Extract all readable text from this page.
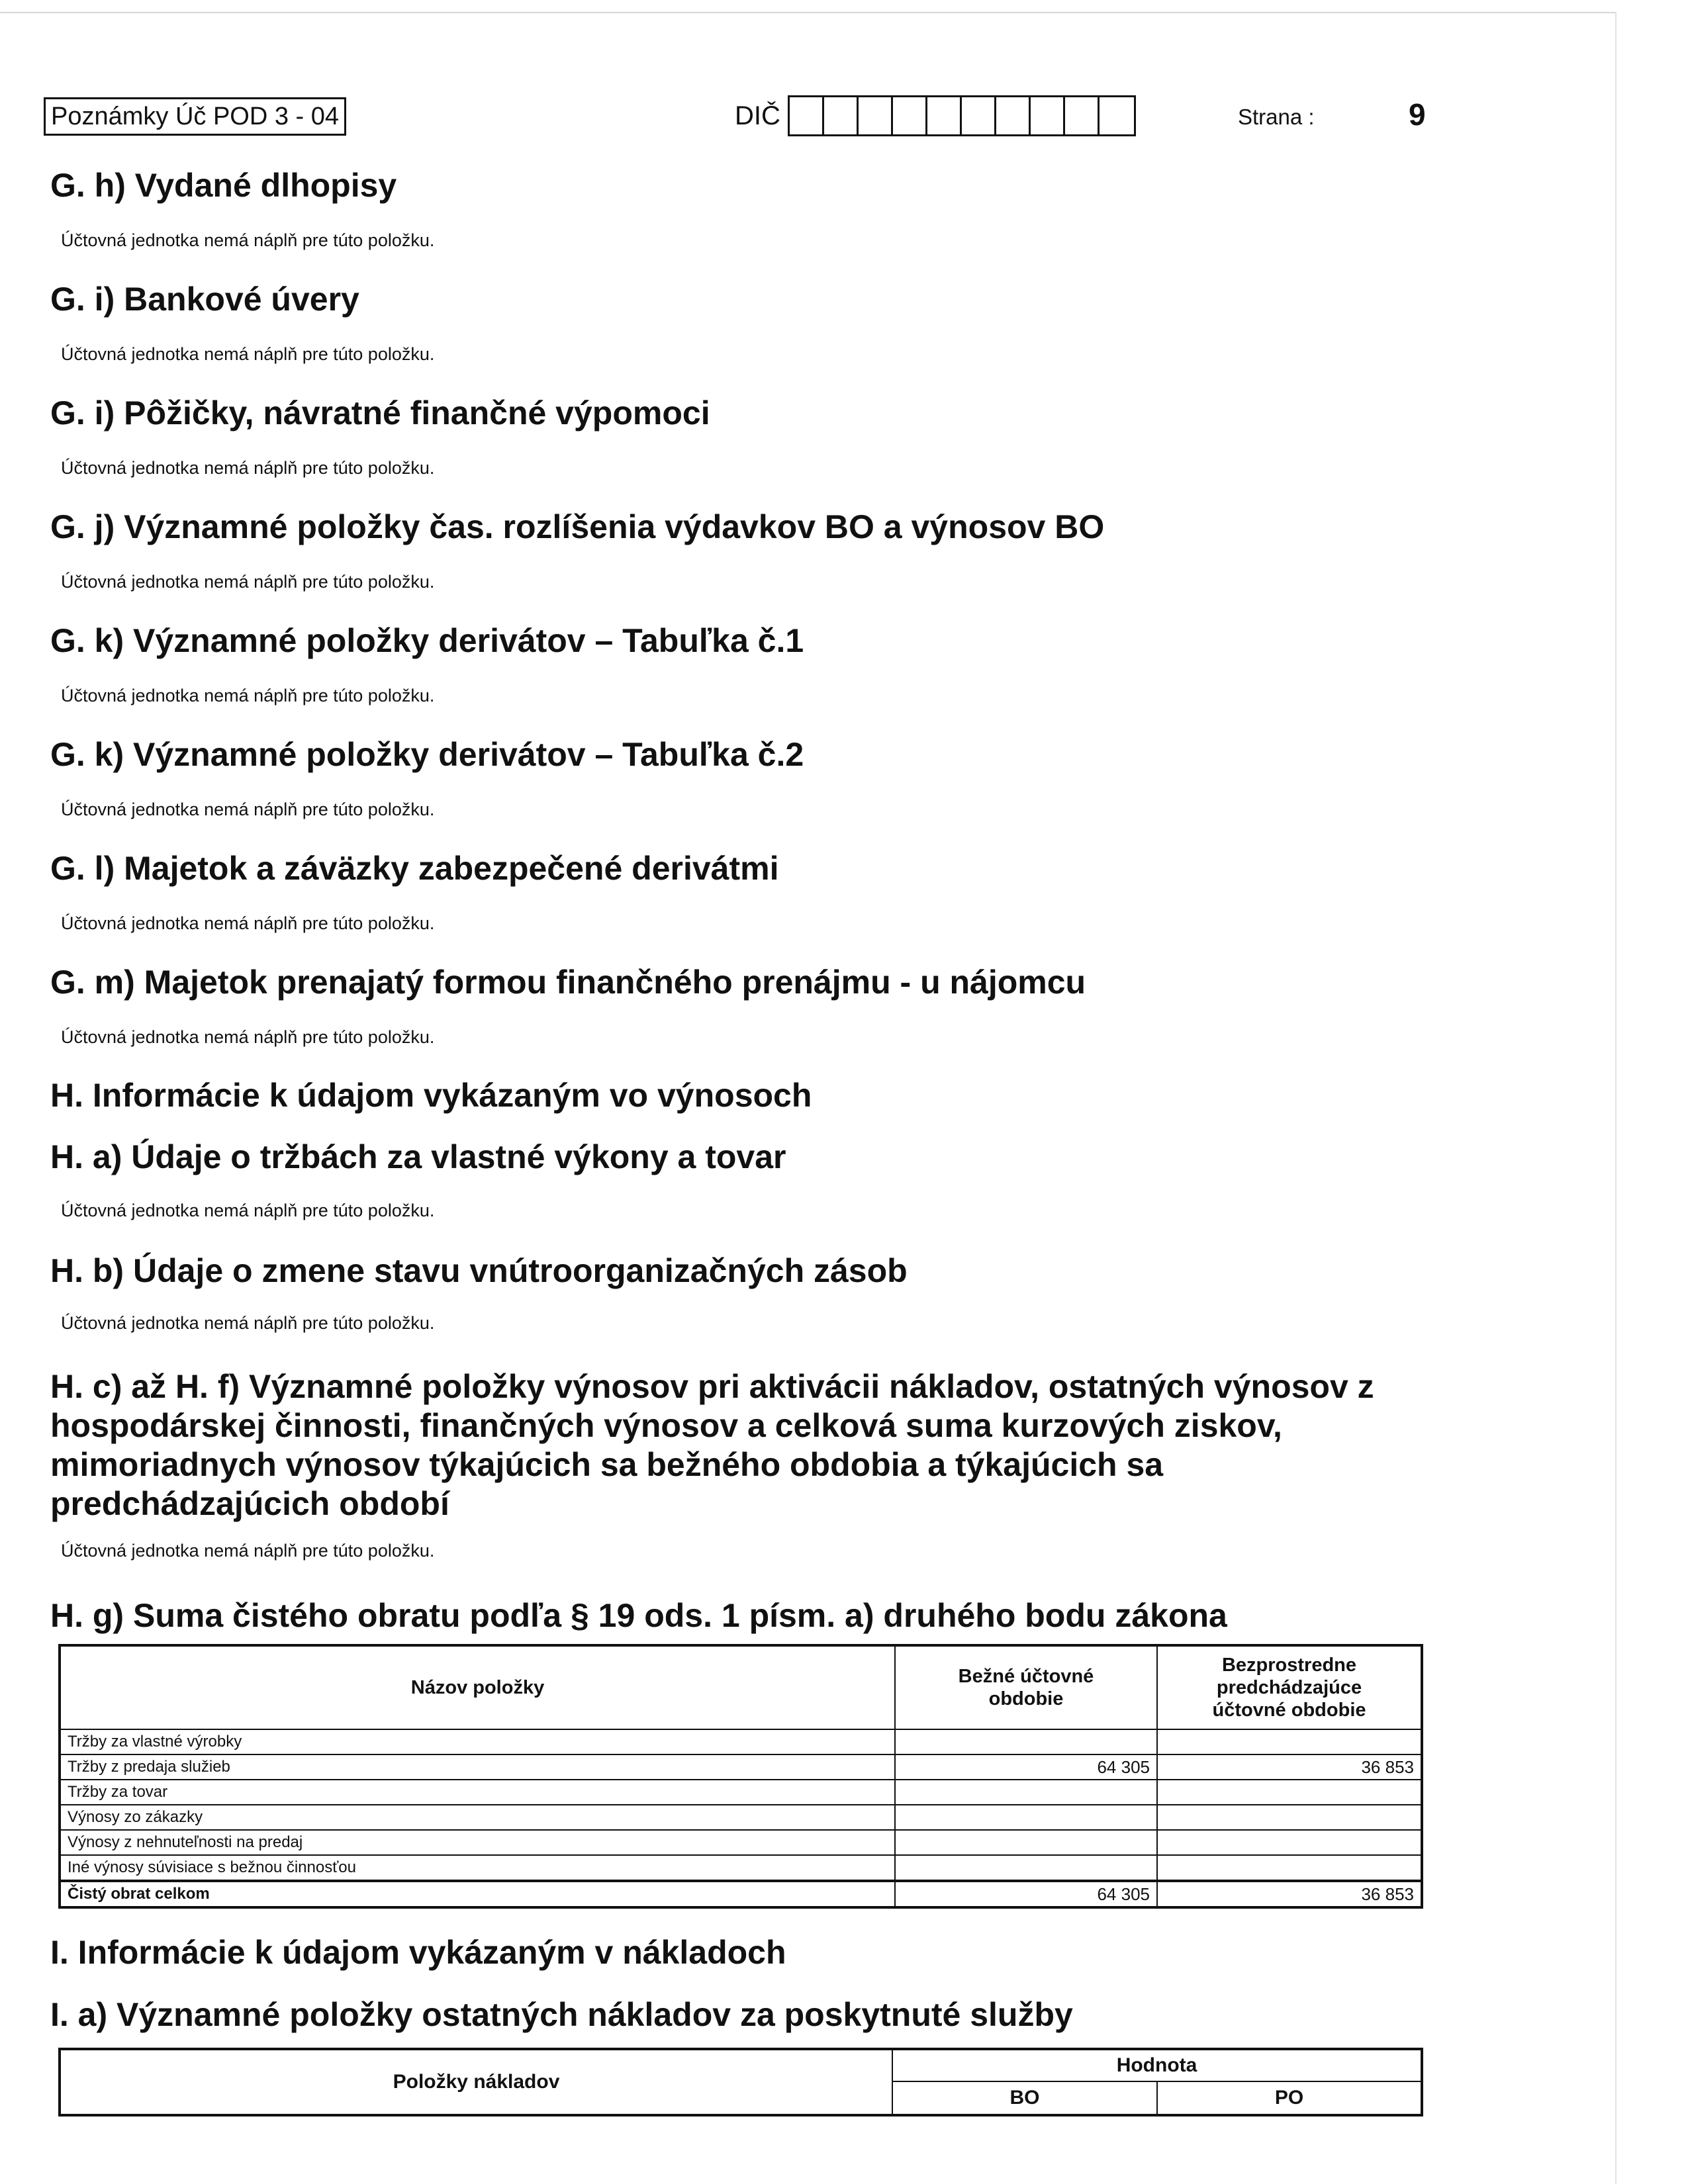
Poznámky Úč POD 3 - 04	DIČ	Strana :	9
G. h) Vydané dlhopisy
Účtovná jednotka nemá náplň pre túto položku.
G. i) Bankové úvery
Účtovná jednotka nemá náplň pre túto položku.
G. i) Pôžičky, návratné finančné výpomoci
Účtovná jednotka nemá náplň pre túto položku.
G. j) Významné položky čas. rozlíšenia výdavkov BO a výnosov BO
Účtovná jednotka nemá náplň pre túto položku.
G. k) Významné položky derivátov – Tabuľka č.1
Účtovná jednotka nemá náplň pre túto položku.
G. k) Významné položky derivátov – Tabuľka č.2
Účtovná jednotka nemá náplň pre túto položku.
G. l) Majetok a záväzky zabezpečené derivátmi
Účtovná jednotka nemá náplň pre túto položku.
G. m) Majetok prenajatý formou finančného prenájmu - u nájomcu
Účtovná jednotka nemá náplň pre túto položku.
H. Informácie k údajom vykázaným vo výnosoch
H. a) Údaje o tržbách za vlastné výkony a tovar
Účtovná jednotka nemá náplň pre túto položku.
H. b) Údaje o zmene stavu vnútroorganizačných zásob
Účtovná jednotka nemá náplň pre túto položku.
H. c) až H. f) Významné položky výnosov pri aktivácii nákladov, ostatných výnosov z
hospodárskej činnosti, finančných výnosov a celková suma kurzových ziskov,
mimoriadnych výnosov týkajúcich sa bežného obdobia a týkajúcich sa
predchádzajúcich období
Účtovná jednotka nemá náplň pre túto položku.
H. g) Suma čistého obratu podľa § 19 ods. 1 písm. a) druhého bodu zákona
Názov položky	Bežné účtovné obdobie	Bezprostredne predchádzajúce účtovné obdobie
Tržby za vlastné výrobky		
Tržby z predaja služieb	64 305	36 853
Tržby za tovar		
Výnosy zo zákazky		
Výnosy z nehnuteľnosti na predaj		
Iné výnosy súvisiace s bežnou činnosťou		
Čistý obrat celkom	64 305	36 853
I. Informácie k údajom vykázaným v nákladoch
I. a) Významné položky ostatných nákladov za poskytnuté služby
Položky nákladov	Hodnota	
	BO	PO
